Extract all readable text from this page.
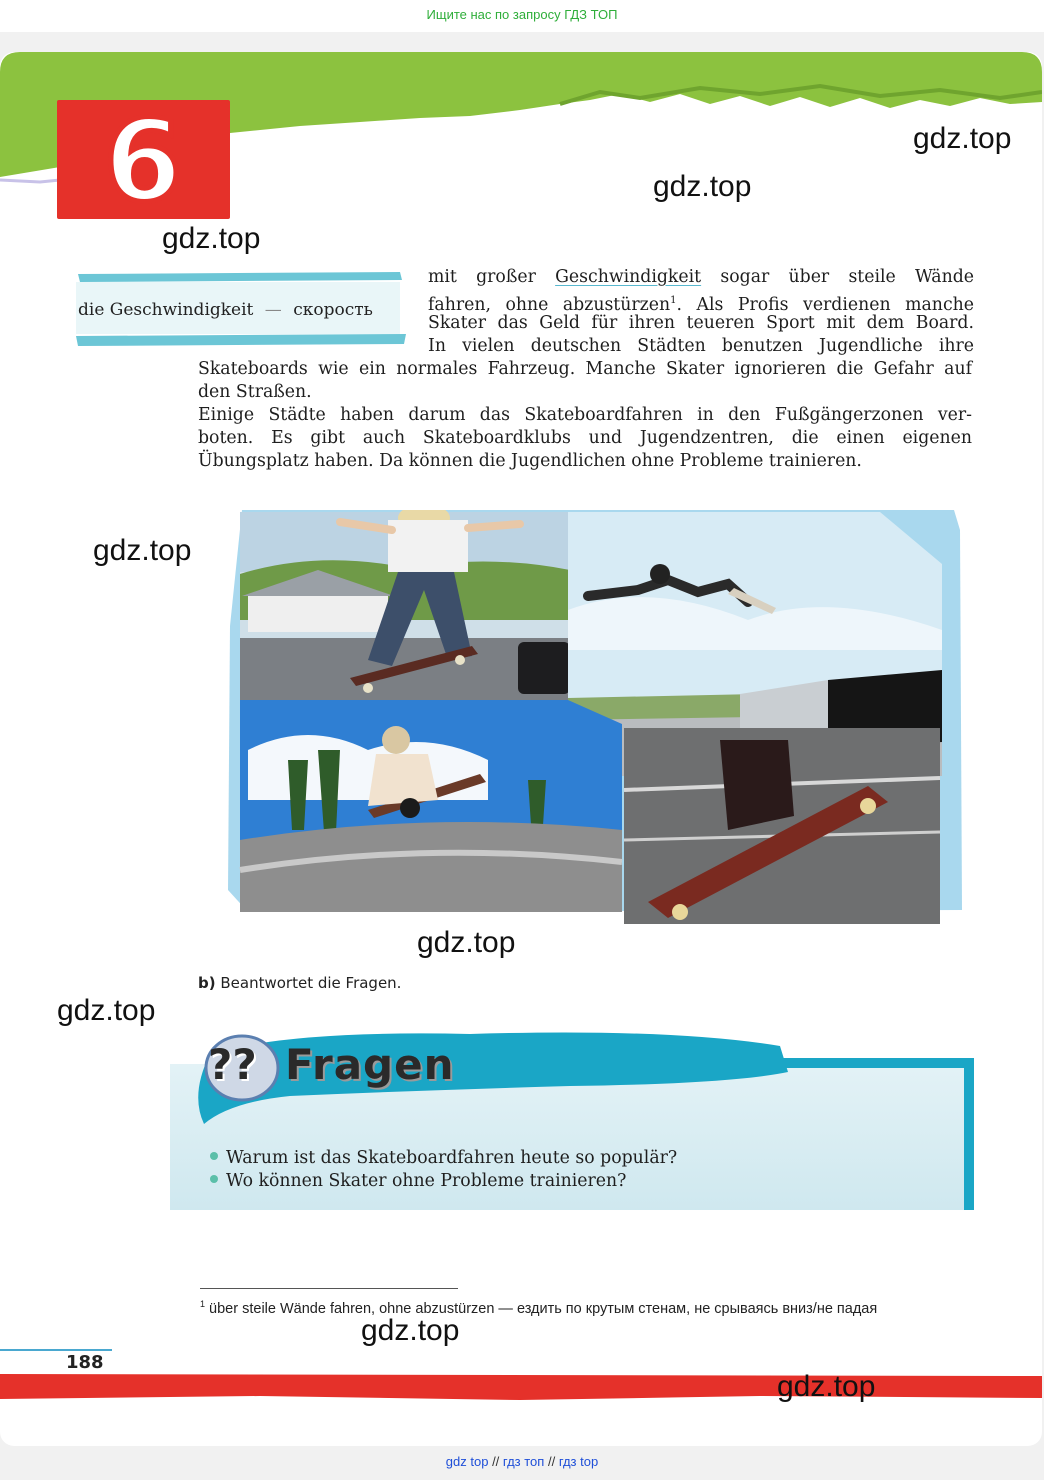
Ищите нас по запросу ГДЗ ТОП
6	gdz.top
gdz.top
gdz.top
die Geschwindigkeit — скорость
mit großer Geschwindigkeit sogar über steile Wände
fahren, ohne abzustürzen$^1$. Als Profis verdienen manche
Skater das Geld für ihren teueren Sport mit dem Board.
In vielen deutschen Städten benutzen Jugendliche ihre
Skateboards wie ein normales Fahrzeug. Manche Skater ignorieren die Gefahr auf
den Straßen.
Einige Städte haben darum das Skateboardfahren in den Fußgängerzonen ver-
boten. Es gibt auch Skateboardklubs und Jugendzentren, die einen eigenen
Übungsplatz haben. Da können die Jugendlichen ohne Probleme trainieren.
gdz.top
gdz.top
b) Beantwortet die Fragen.
gdz.top
?? Fragen
Warum ist das Skateboardfahren heute so populär?
Wo können Skater ohne Probleme trainieren?
$^1$ über steile Wände fahren, ohne abzustürzen — ездить по крутым стенам, не срываясь вниз/не падая
gdz.top
188
gdz.top
gdz top // гдз топ // гдз top
